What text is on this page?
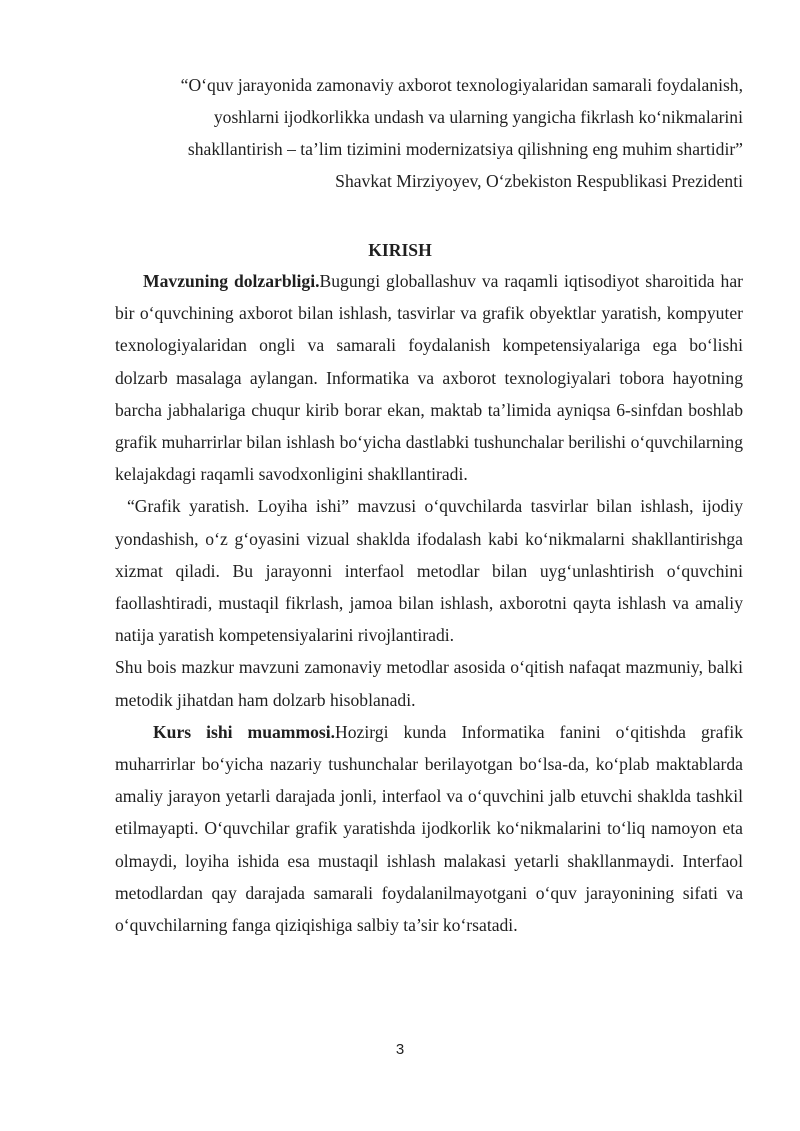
“O‘quv jarayonida zamonaviy axborot texnologiyalaridan samarali foydalanish,
yoshlarni ijodkorlikka undash va ularning yangicha fikrlash ko‘nikmalarini
shakllantirish – ta’lim tizimini modernizatsiya qilishning eng muhim shartidir”
Shavkat Mirziyoyev, O‘zbekiston Respublikasi Prezidenti
KIRISH

Mavzuning dolzarbligi.Bugungi globallashuv va raqamli iqtisodiyot sharoitida har bir o‘quvchining axborot bilan ishlash, tasvirlar va grafik obyektlar yaratish, kompyuter texnologiyalaridan ongli va samarali foydalanish kompetensiyalariga ega bo‘lishi dolzarb masalaga aylangan. Informatika va axborot texnologiyalari tobora hayotning barcha jabhalariga chuqur kirib borar ekan, maktab ta’limida ayniqsa 6-sinfdan boshlab grafik muharrirlar bilan ishlash bo‘yicha dastlabki tushunchalar berilishi o‘quvchilarning kelajakdagi raqamli savodxonligini shakllantiradi.

“Grafik yaratish. Loyiha ishi” mavzusi o‘quvchilarda tasvirlar bilan ishlash, ijodiy yondashish, o‘z g‘oyasini vizual shaklda ifodalash kabi ko‘nikmalarni shakllantirishga xizmat qiladi. Bu jarayonni interfaol metodlar bilan uyg‘unlashtirish o‘quvchini faollashtiradi, mustaqil fikrlash, jamoa bilan ishlash, axborotni qayta ishlash va amaliy natija yaratish kompetensiyalarini rivojlantiradi.

Shu bois mazkur mavzuni zamonaviy metodlar asosida o‘qitish nafaqat mazmuniy, balki metodik jihatdan ham dolzarb hisoblanadi.

Kurs ishi muammosi.Hozirgi kunda Informatika fanini o‘qitishda grafik muharrirlar bo‘yicha nazariy tushunchalar berilayotgan bo‘lsa-da, ko‘plab maktablarda amaliy jarayon yetarli darajada jonli, interfaol va o‘quvchini jalb etuvchi shaklda tashkil etilmayapti. O‘quvchilar grafik yaratishda ijodkorlik ko‘nikmalarini to‘liq namoyon eta olmaydi, loyiha ishida esa mustaqil ishlash malakasi yetarli shakllanmaydi. Interfaol metodlardan qay darajada samarali foydalanilmayotgani o‘quv jarayonining sifati va o‘quvchilarning fanga qiziqishiga salbiy ta’sir ko‘rsatadi.

3
